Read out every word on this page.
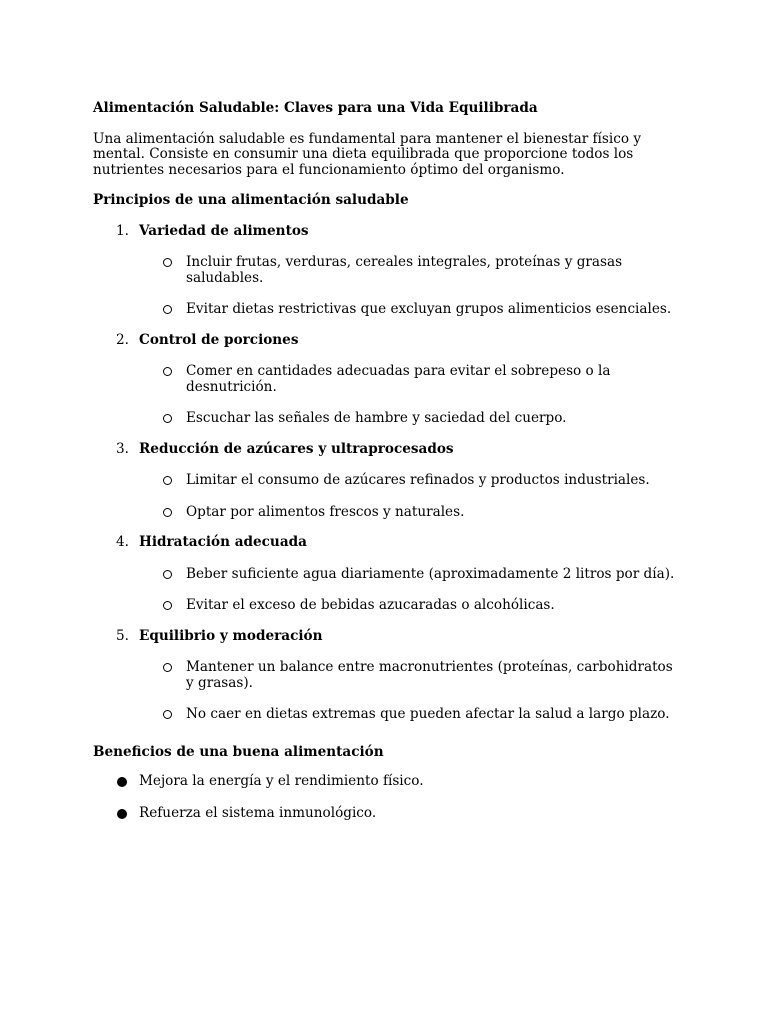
Alimentación Saludable: Claves para una Vida Equilibrada
Una alimentación saludable es fundamental para mantener el bienestar físico y mental. Consiste en consumir una dieta equilibrada que proporcione todos los nutrientes necesarios para el funcionamiento óptimo del organismo.
Principios de una alimentación saludable
1. Variedad de alimentos
Incluir frutas, verduras, cereales integrales, proteínas y grasas saludables.
Evitar dietas restrictivas que excluyan grupos alimenticios esenciales.
2. Control de porciones
Comer en cantidades adecuadas para evitar el sobrepeso o la desnutrición.
Escuchar las señales de hambre y saciedad del cuerpo.
3. Reducción de azúcares y ultraprocesados
Limitar el consumo de azúcares refinados y productos industriales.
Optar por alimentos frescos y naturales.
4. Hidratación adecuada
Beber suficiente agua diariamente (aproximadamente 2 litros por día).
Evitar el exceso de bebidas azucaradas o alcohólicas.
5. Equilibrio y moderación
Mantener un balance entre macronutrientes (proteínas, carbohidratos y grasas).
No caer en dietas extremas que pueden afectar la salud a largo plazo.
Beneficios de una buena alimentación
Mejora la energía y el rendimiento físico.
Refuerza el sistema inmunológico.
